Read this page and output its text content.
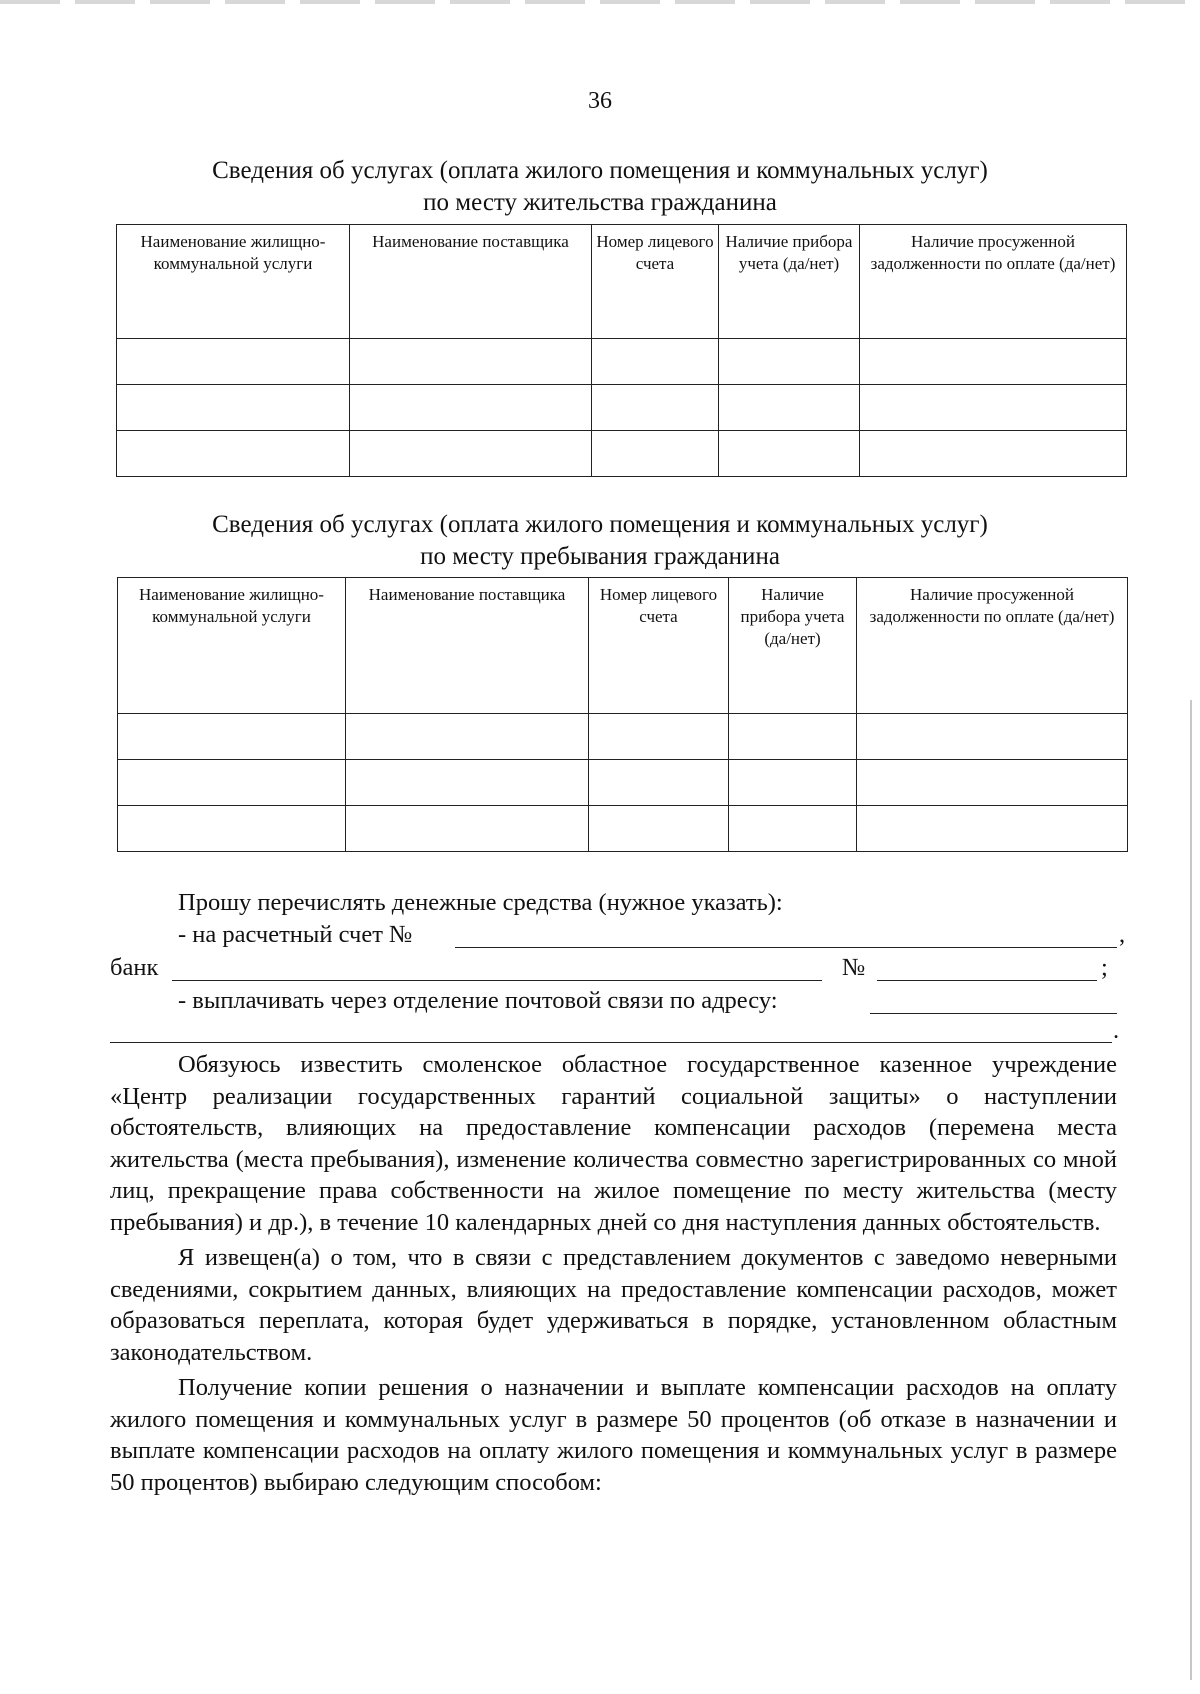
36
Сведения об услугах (оплата жилого помещения и коммунальных услуг)
по месту жительства гражданина
Наименование жилищно-коммунальной услуги	Наименование поставщика	Номер лицевого счета	Наличие прибора учета (да/нет)	Наличие просуженной задолженности по оплате (да/нет)

Сведения об услугах (оплата жилого помещения и коммунальных услуг)
по месту пребывания гражданина
Наименование жилищно-коммунальной услуги	Наименование поставщика	Номер лицевого счета	Наличие прибора учета (да/нет)	Наличие просуженной задолженности по оплате (да/нет)

Прошу перечислять денежные средства (нужное указать):
- на расчетный счет №	,
банк	№	;
- выплачивать через отделение почтовой связи по адресу:
.
Обязуюсь известить смоленское областное государственное казенное учреждение «Центр реализации государственных гарантий социальной защиты» о наступлении обстоятельств, влияющих на предоставление компенсации расходов (перемена места жительства (места пребывания), изменение количества совместно зарегистрированных со мной лиц, прекращение права собственности на жилое помещение по месту жительства (месту пребывания) и др.), в течение 10 календарных дней со дня наступления данных обстоятельств.
Я извещен(а) о том, что в связи с представлением документов с заведомо неверными сведениями, сокрытием данных, влияющих на предоставление компенсации расходов, может образоваться переплата, которая будет удерживаться в порядке, установленном областным законодательством.
Получение копии решения о назначении и выплате компенсации расходов на оплату жилого помещения и коммунальных услуг в размере 50 процентов (об отказе в назначении и выплате компенсации расходов на оплату жилого помещения и коммунальных услуг в размере 50 процентов) выбираю следующим способом:
